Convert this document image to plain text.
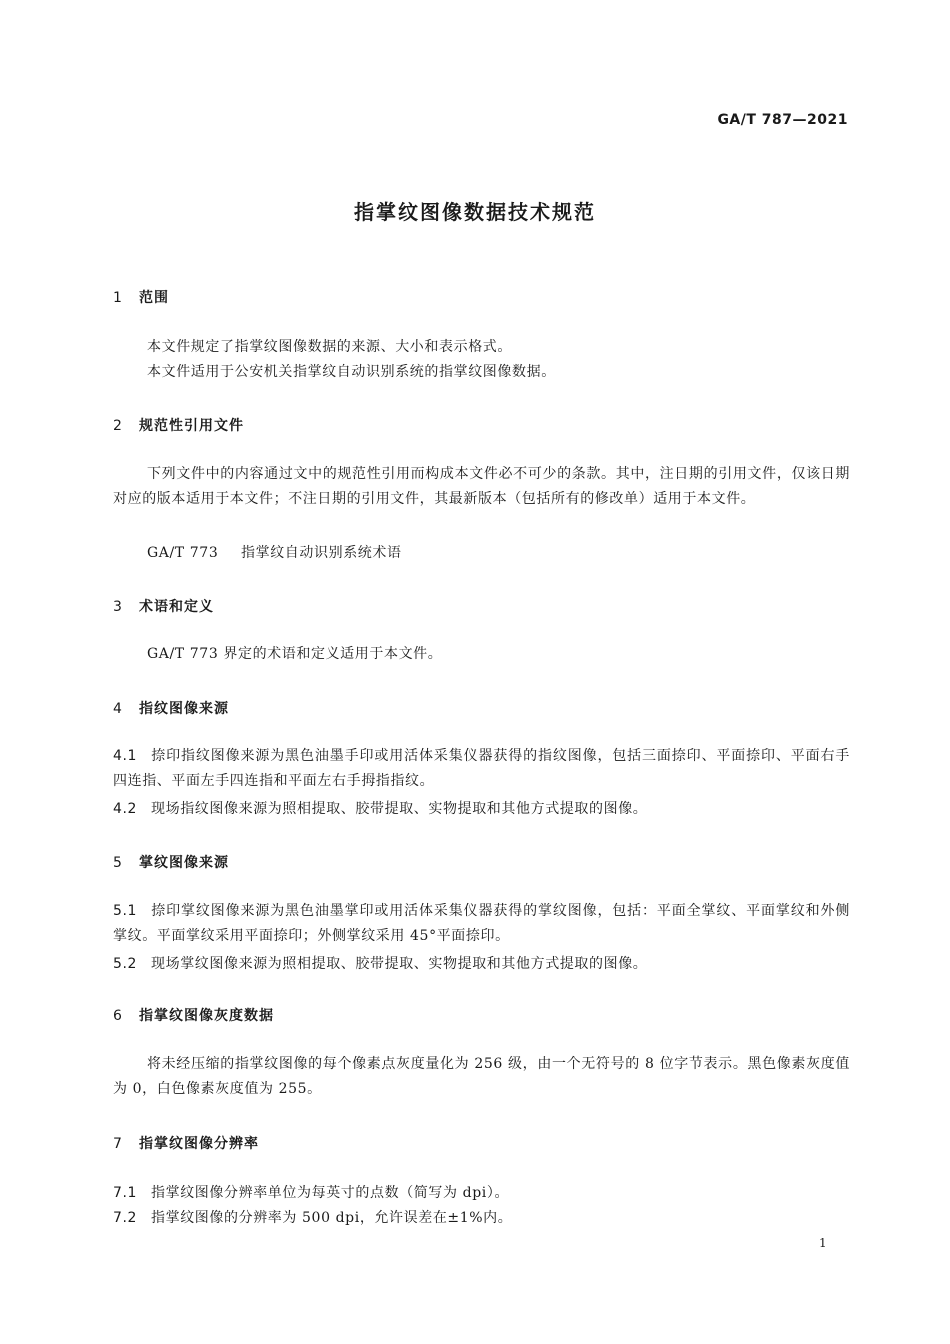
GA/T 787—2021
指掌纹图像数据技术规范
1 范围
本文件规定了指掌纹图像数据的来源、大小和表示格式。
本文件适用于公安机关指掌纹自动识别系统的指掌纹图像数据。
2 规范性引用文件
下列文件中的内容通过文中的规范性引用而构成本文件必不可少的条款。其中，注日期的引用文件，仅该日期对应的版本适用于本文件；不注日期的引用文件，其最新版本（包括所有的修改单）适用于本文件。
GA/T 773 指掌纹自动识别系统术语
3 术语和定义
GA/T 773 界定的术语和定义适用于本文件。
4 指纹图像来源
4.1 捺印指纹图像来源为黑色油墨手印或用活体采集仪器获得的指纹图像，包括三面捺印、平面捺印、平面右手四连指、平面左手四连指和平面左右手拇指指纹。
4.2 现场指纹图像来源为照相提取、胶带提取、实物提取和其他方式提取的图像。
5 掌纹图像来源
5.1 捺印掌纹图像来源为黑色油墨掌印或用活体采集仪器获得的掌纹图像，包括：平面全掌纹、平面掌纹和外侧掌纹。平面掌纹采用平面捺印；外侧掌纹采用 45°平面捺印。
5.2 现场掌纹图像来源为照相提取、胶带提取、实物提取和其他方式提取的图像。
6 指掌纹图像灰度数据
将未经压缩的指掌纹图像的每个像素点灰度量化为 256 级，由一个无符号的 8 位字节表示。黑色像素灰度值为 0，白色像素灰度值为 255。
7 指掌纹图像分辨率
7.1 指掌纹图像分辨率单位为每英寸的点数（简写为 dpi）。
7.2 指掌纹图像的分辨率为 500 dpi，允许误差在±1%内。
1
